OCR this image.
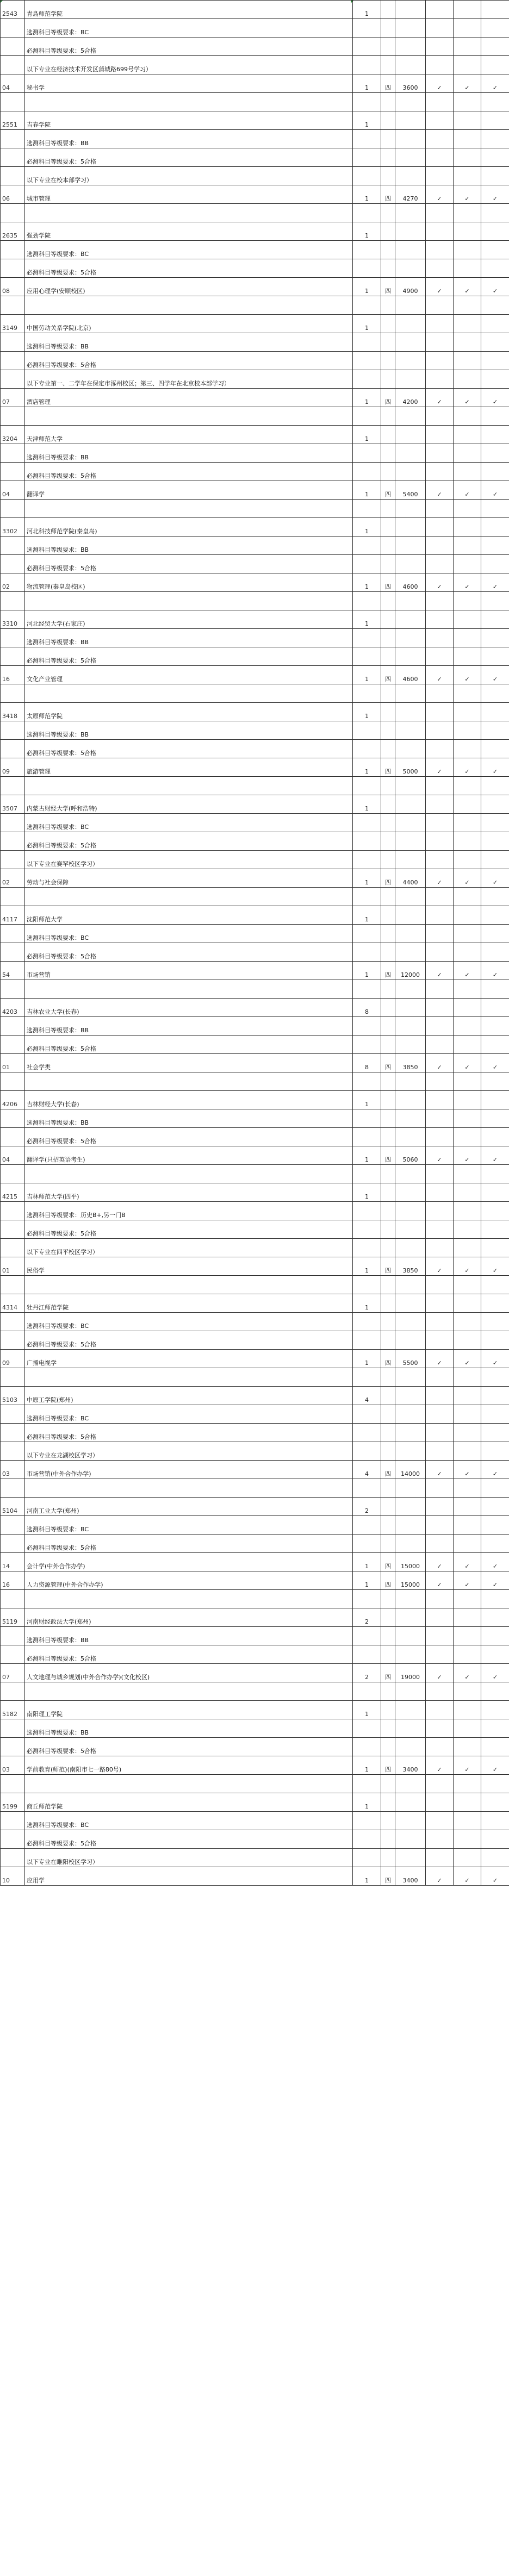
2543	青島师范学院	1					
	选测科目等级要求：BC						
	必测科目等级要求：5合格						
	以下专业在经济技术开发区蒲城路699号学习）						
04	秘书学	1	四	3600	✓	✓	✓

2551	吉春学院	1					
	选测科目等级要求：BB						
	必测科目等级要求：5合格						
	以下专业在校本部学习）						
06	城市管理	1	四	4270	✓	✓	✓

2635	强劲学院	1					
	选测科目等级要求：BC						
	必测科目等级要求：5合格						
08	应用心理学(安顺校区)	1	四	4900	✓	✓	✓

3149	中国劳动关系学院(北京)	1					
	选测科目等级要求：BB						
	必测科目等级要求：5合格						
	以下专业第一、二学年在保定市涿州校区；第三、四学年在北京校本部学习）						
07	酒店管理	1	四	4200	✓	✓	✓

3204	天津师范大学	1					
	选测科目等级要求：BB						
	必测科目等级要求：5合格						
04	翻译学	1	四	5400	✓	✓	✓

3302	河北科技师范学院(秦皇岛)	1					
	选测科目等级要求：BB						
	必测科目等级要求：5合格						
02	物流管理(秦皇岛校区)	1	四	4600	✓	✓	✓

3310	河北经贸大学(石家庄)	1					
	选测科目等级要求：BB						
	必测科目等级要求：5合格						
16	文化产业管理	1	四	4600	✓	✓	✓

3418	太原师范学院	1					
	选测科目等级要求：BB						
	必测科目等级要求：5合格						
09	旅游管理	1	四	5000	✓	✓	✓

3507	内蒙古财经大学(呼和浩特)	1					
	选测科目等级要求：BC						
	必测科目等级要求：5合格						
	以下专业在赛罕校区学习）						
02	劳动与社会保障	1	四	4400	✓	✓	✓

4117	沈阳师范大学	1					
	选测科目等级要求：BC						
	必测科目等级要求：5合格						
54	市场营销	1	四	12000	✓	✓	✓

4203	吉林农业大学(长春)	8					
	选测科目等级要求：BB						
	必测科目等级要求：5合格						
01	社会学类	8	四	3850	✓	✓	✓

4206	吉林财经大学(长春)	1					
	选测科目等级要求：BB						
	必测科目等级要求：5合格						
04	翻译学(只招英语考生)	1	四	5060	✓	✓	✓

4215	吉林师范大学(四平)	1					
	选测科目等级要求：历史B+,另一门B						
	必测科目等级要求：5合格						
	以下专业在四平校区学习）						
01	民俗学	1	四	3850	✓	✓	✓

4314	牡丹江师范学院	1					
	选测科目等级要求：BC						
	必测科目等级要求：5合格						
09	广播电视学	1	四	5500	✓	✓	✓

5103	中原工学院(郑州)	4					
	选测科目等级要求：BC						
	必测科目等级要求：5合格						
	以下专业在龙湖校区学习）						
03	市场营销(中外合作办学)	4	四	14000	✓	✓	✓

5104	河南工业大学(郑州)	2					
	选测科目等级要求：BC						
	必测科目等级要求：5合格						
14	会计学(中外合作办学)	1	四	15000	✓	✓	✓
16	人力资源管理(中外合作办学)	1	四	15000	✓	✓	✓

5119	河南财经政法大学(郑州)	2					
	选测科目等级要求：BB						
	必测科目等级要求：5合格						
07	人文地理与城乡规划(中外合作办学)(文化校区)	2	四	19000	✓	✓	✓

5182	南阳理工学院	1					
	选测科目等级要求：BB						
	必测科目等级要求：5合格						
03	学前教育(师范)(南阳市七一路80号)	1	四	3400	✓	✓	✓

5199	商丘师范学院	1					
	选测科目等级要求：BC						
	必测科目等级要求：5合格						
	以下专业在睢阳校区学习）						
10	应用学	1	四	3400	✓	✓	✓
